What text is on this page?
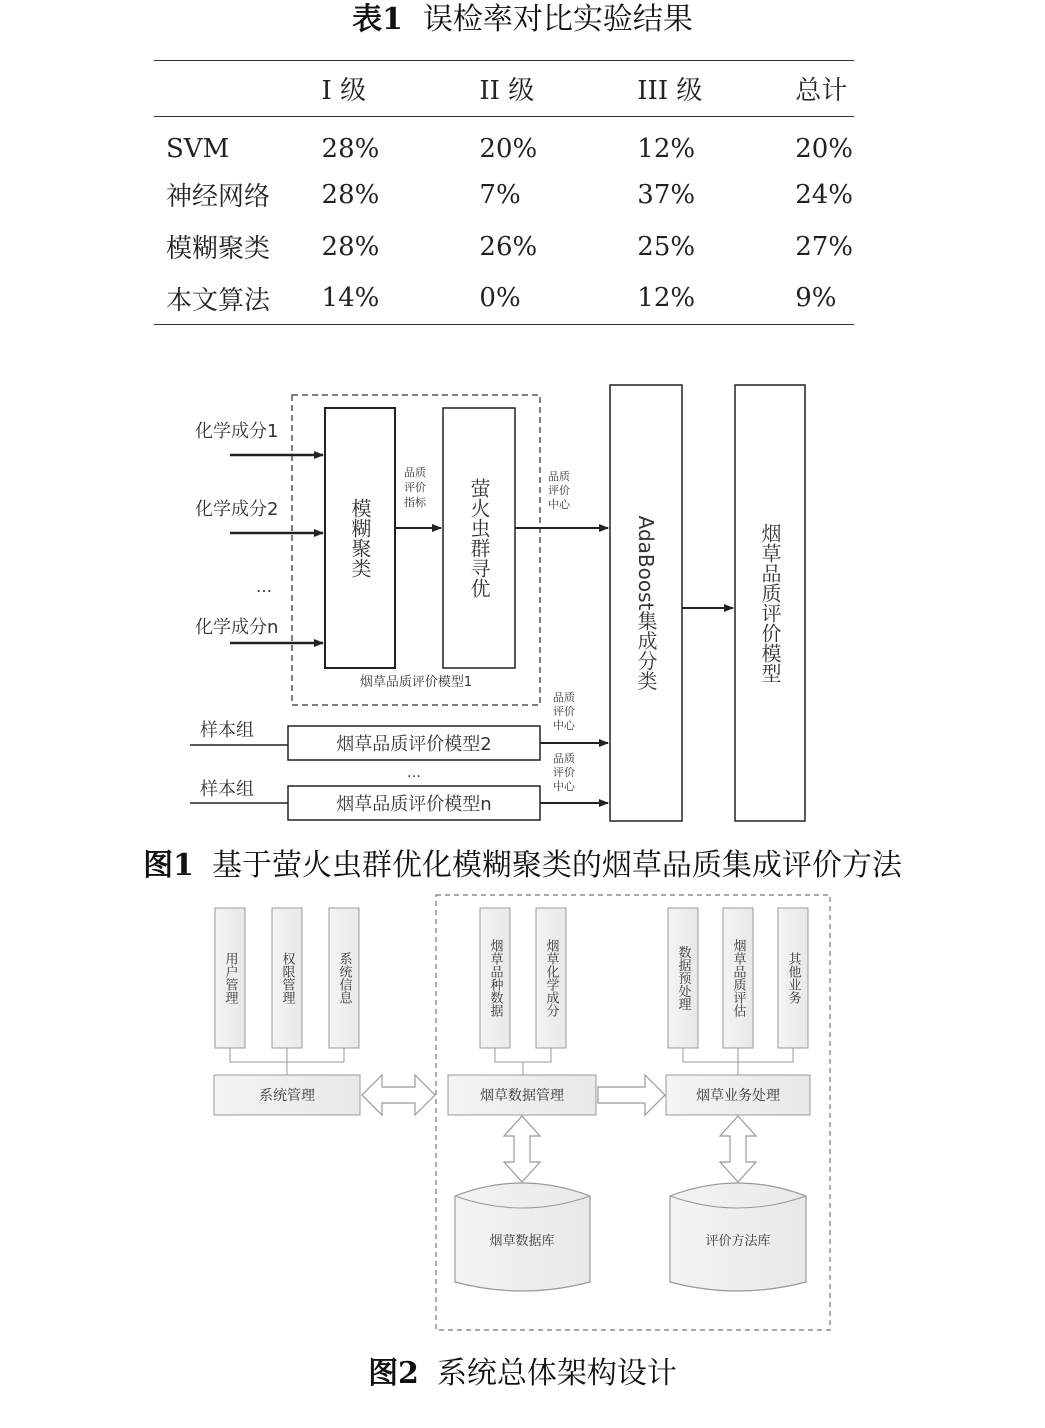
表1 误检率对比实验结果
	I 级	II 级	III 级	总计
SVM	28%	20%	12%	20%
神经网络	28%	7%	37%	24%
模糊聚类	28%	26%	25%	27%
本文算法	14%	0%	12%	9%
化学成分1
化学成分2
…
化学成分n
模糊聚类	萤火虫群寻优
品质
评价
指标
品质
评价
中心
烟草品质评价模型1
样本组
烟草品质评价模型2
品质
评价
中心
…
样本组
烟草品质评价模型n
品质
评价
中心
AdaBoost集成分类	烟草品质评价模型
图1 基于萤火虫群优化模糊聚类的烟草品质集成评价方法
用户管理	权限管理	系统信息
系统管理
烟草品种数据	烟草化学成分
烟草数据管理
数据预处理	烟草品质评估	其他业务
烟草业务处理
烟草数据库	评价方法库
图2 系统总体架构设计
